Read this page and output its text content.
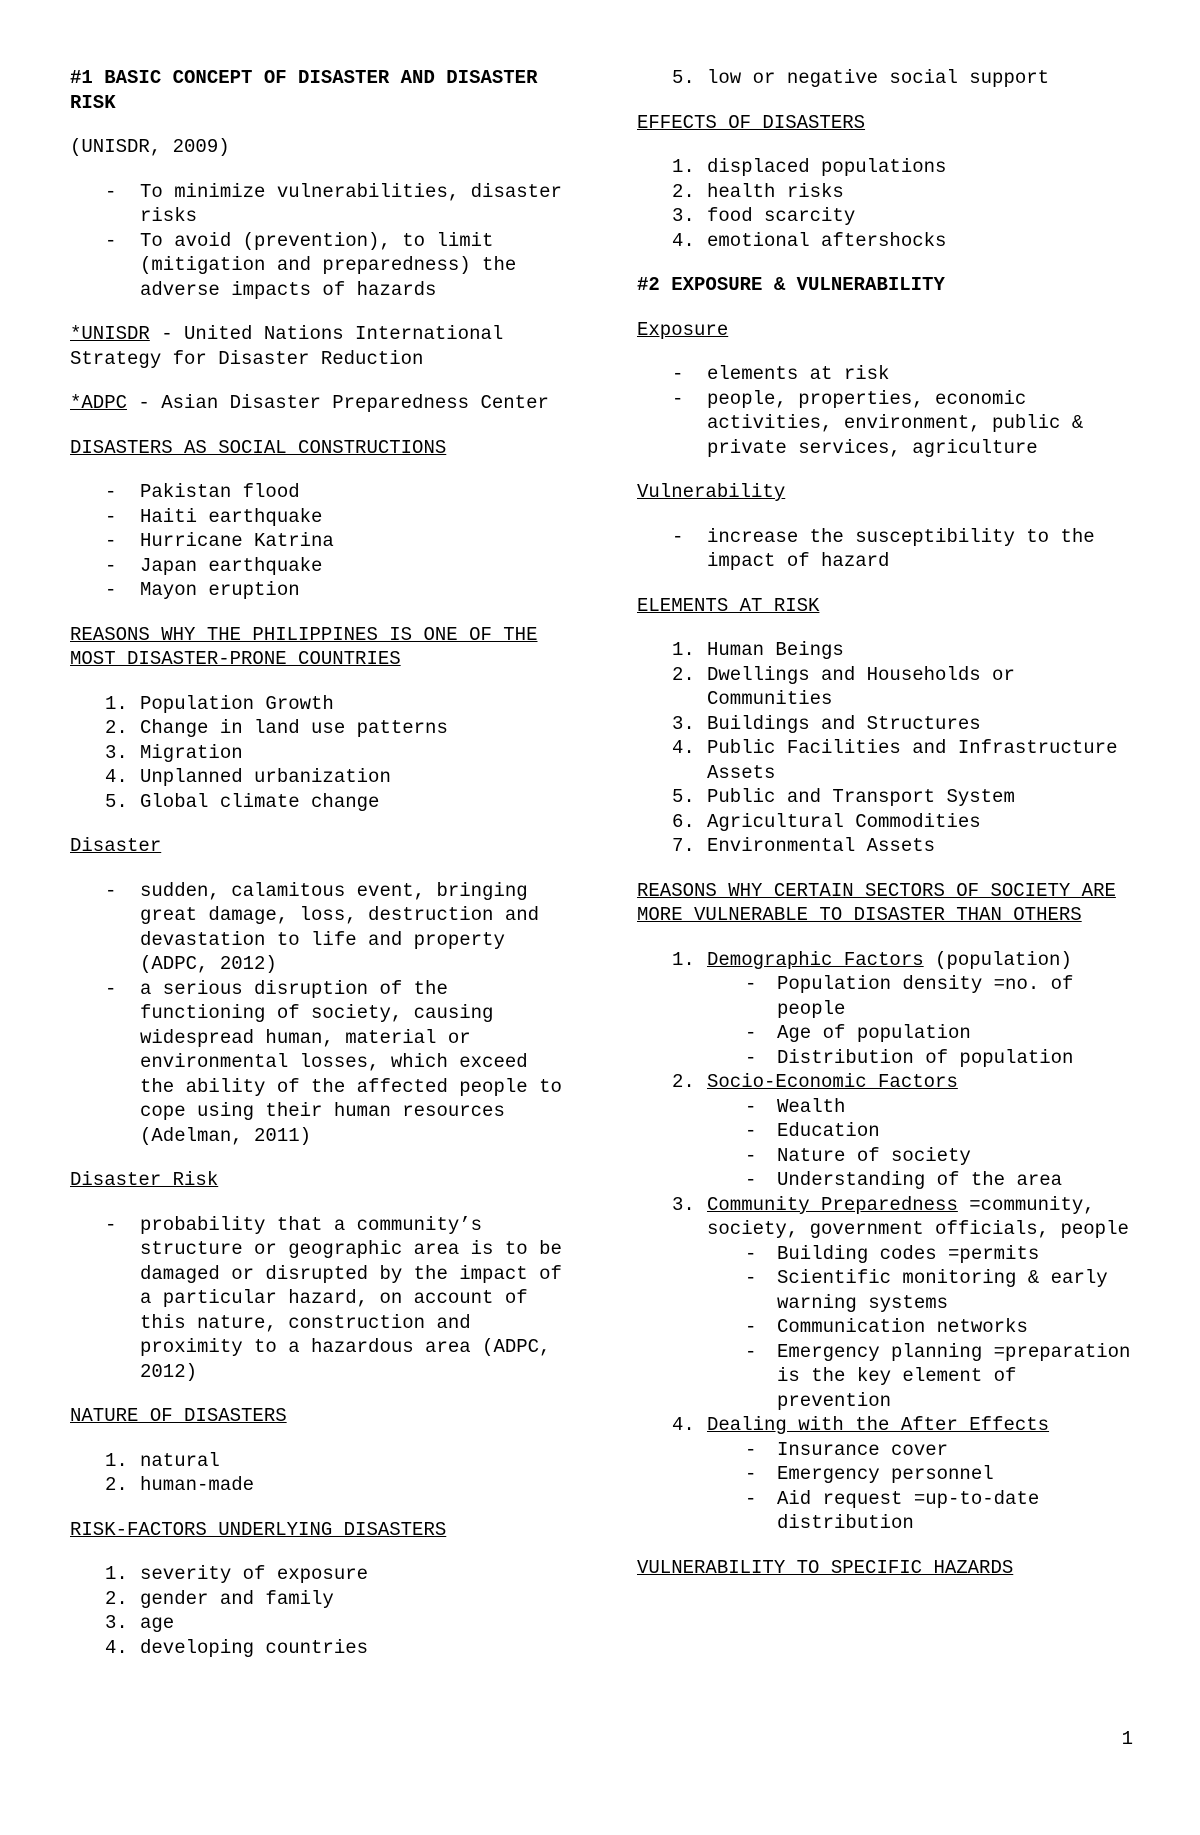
#1 BASIC CONCEPT OF DISASTER AND DISASTER RISK
(UNISDR, 2009)
- To minimize vulnerabilities, disaster risks
- To avoid (prevention), to limit (mitigation and preparedness) the adverse impacts of hazards
*UNISDR - United Nations International Strategy for Disaster Reduction
*ADPC - Asian Disaster Preparedness Center
DISASTERS AS SOCIAL CONSTRUCTIONS
- Pakistan flood
- Haiti earthquake
- Hurricane Katrina
- Japan earthquake
- Mayon eruption
REASONS WHY THE PHILIPPINES IS ONE OF THE MOST DISASTER-PRONE COUNTRIES
1. Population Growth
2. Change in land use patterns
3. Migration
4. Unplanned urbanization
5. Global climate change
Disaster
- sudden, calamitous event, bringing great damage, loss, destruction and devastation to life and property (ADPC, 2012)
- a serious disruption of the functioning of society, causing widespread human, material or environmental losses, which exceed the ability of the affected people to cope using their human resources (Adelman, 2011)
Disaster Risk
- probability that a community’s structure or geographic area is to be damaged or disrupted by the impact of a particular hazard, on account of this nature, construction and proximity to a hazardous area (ADPC, 2012)
NATURE OF DISASTERS
1. natural
2. human-made
RISK-FACTORS UNDERLYING DISASTERS
1. severity of exposure
2. gender and family
3. age
4. developing countries
5. low or negative social support
EFFECTS OF DISASTERS
1. displaced populations
2. health risks
3. food scarcity
4. emotional aftershocks
#2 EXPOSURE & VULNERABILITY
Exposure
- elements at risk
- people, properties, economic activities, environment, public & private services, agriculture
Vulnerability
- increase the susceptibility to the impact of hazard
ELEMENTS AT RISK
1. Human Beings
2. Dwellings and Households or Communities
3. Buildings and Structures
4. Public Facilities and Infrastructure Assets
5. Public and Transport System
6. Agricultural Commodities
7. Environmental Assets
REASONS WHY CERTAIN SECTORS OF SOCIETY ARE MORE VULNERABLE TO DISASTER THAN OTHERS
1. Demographic Factors (population)
- Population density =no. of people
- Age of population
- Distribution of population
2. Socio-Economic Factors
- Wealth
- Education
- Nature of society
- Understanding of the area
3. Community Preparedness =community, society, government officials, people
- Building codes =permits
- Scientific monitoring & early warning systems
- Communication networks
- Emergency planning =preparation is the key element of prevention
4. Dealing with the After Effects
- Insurance cover
- Emergency personnel
- Aid request =up-to-date distribution
VULNERABILITY TO SPECIFIC HAZARDS
1
